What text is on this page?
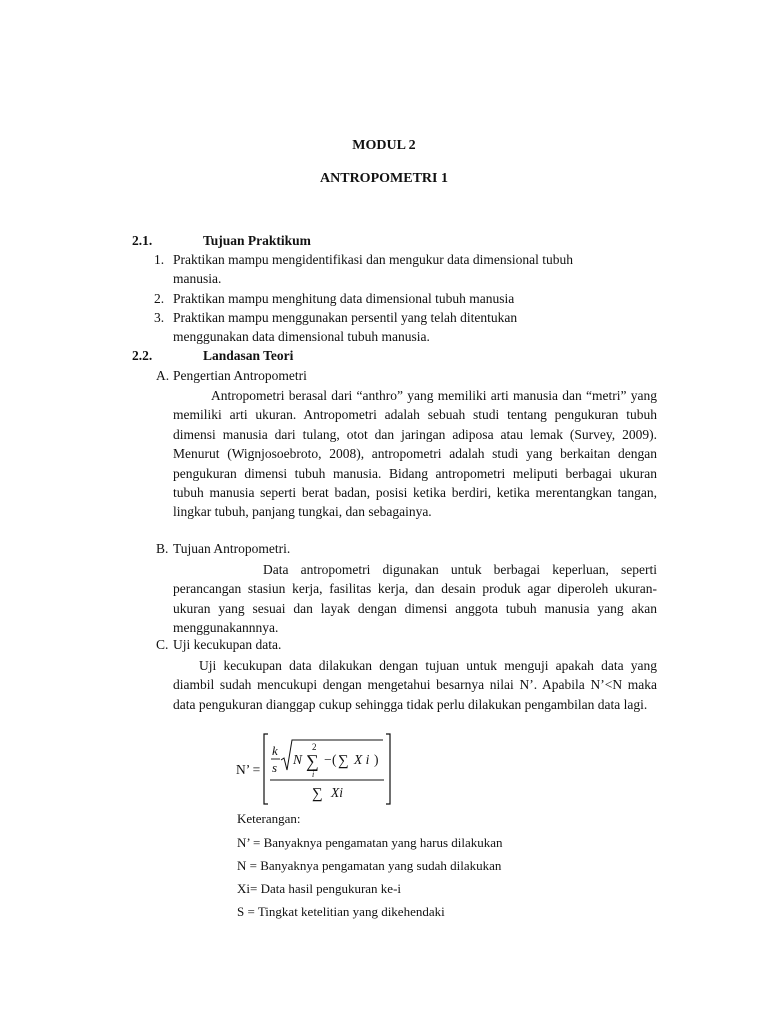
MODUL 2
ANTROPOMETRI 1
2.1.	Tujuan Praktikum
1. Praktikan mampu mengidentifikasi dan mengukur data dimensional tubuh
manusia.
2. Praktikan mampu menghitung data dimensional tubuh manusia
3. Praktikan mampu menggunakan persentil yang telah ditentukan
menggunakan data dimensional tubuh manusia.
2.2.	Landasan Teori
A. Pengertian Antropometri
Antropometri berasal dari “anthro” yang memiliki arti manusia dan “metri” yang memiliki arti ukuran. Antropometri adalah sebuah studi tentang pengukuran tubuh dimensi manusia dari tulang, otot dan jaringan adiposa atau lemak (Survey, 2009). Menurut (Wignjosoebroto, 2008), antropometri adalah studi yang berkaitan dengan pengukuran dimensi tubuh manusia. Bidang antropometri meliputi berbagai ukuran tubuh manusia seperti berat badan, posisi ketika berdiri, ketika merentangkan tangan, lingkar tubuh, panjang tungkai, dan sebagainya.
B. Tujuan Antropometri.
Data antropometri digunakan untuk berbagai keperluan, seperti perancangan stasiun kerja, fasilitas kerja, dan desain produk agar diperoleh ukuran-ukuran yang sesuai dan layak dengan dimensi anggota tubuh manusia yang akan menggunakannnya.
C. Uji kecukupan data.
Uji kecukupan data dilakukan dengan tujuan untuk menguji apakah data yang diambil sudah mencukupi dengan mengetahui besarnya nilai N’. Apabila N’<N maka data pengukuran dianggap cukup sehingga tidak perlu dilakukan pengambilan data lagi.
N’ =
k
s
N
2
∑
i
− ( ∑ X i )
∑ Xi
Keterangan:
N’ = Banyaknya pengamatan yang harus dilakukan
N = Banyaknya pengamatan yang sudah dilakukan
Xi= Data hasil pengukuran ke-i
S = Tingkat ketelitian yang dikehendaki
